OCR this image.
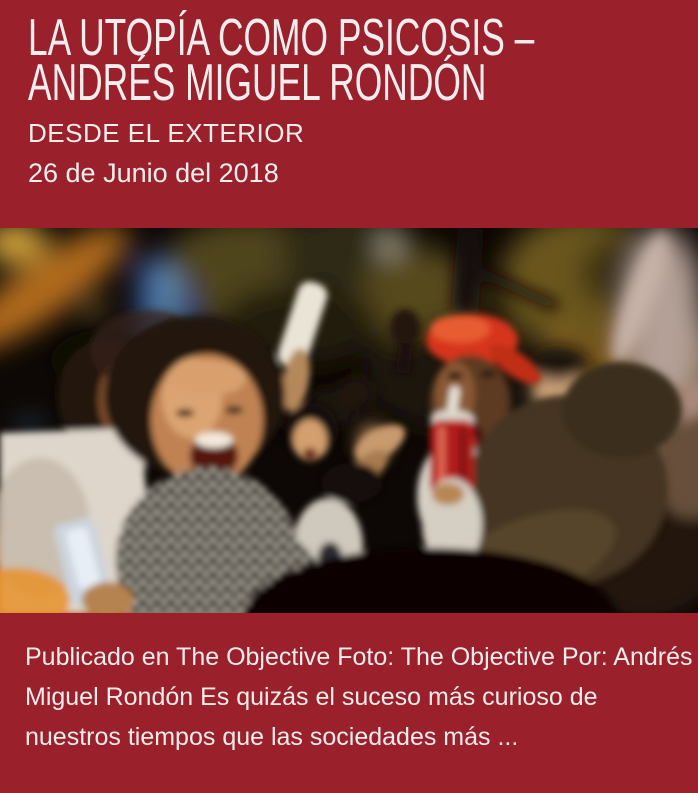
LA UTOPÍA COMO PSICOSIS –
ANDRÉS MIGUEL RONDÓN
DESDE EL EXTERIOR
26 de Junio del 2018
Publicado en The Objective Foto: The Objective Por: Andrés
Miguel Rondón Es quizás el suceso más curioso de
nuestros tiempos que las sociedades más ...
